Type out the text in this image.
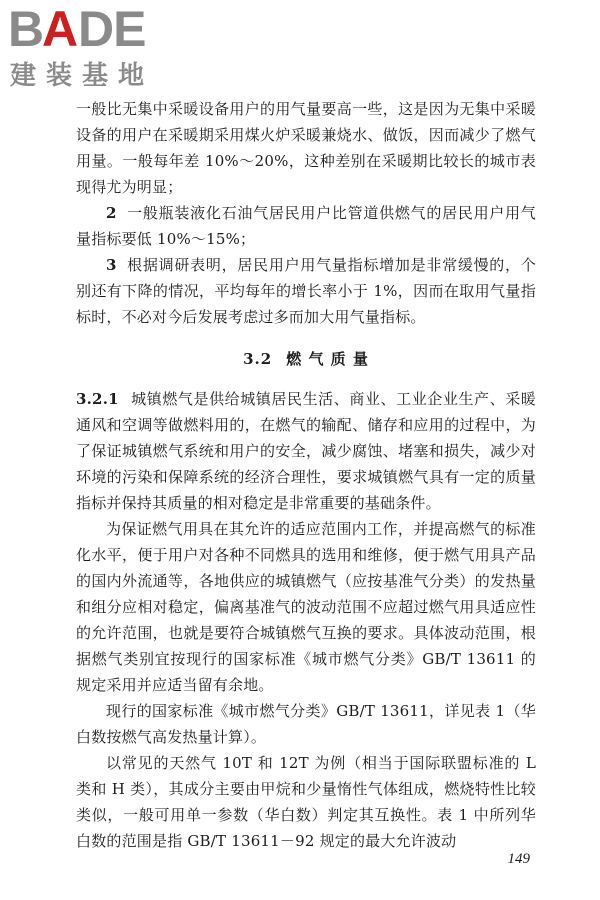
B
A DE
建装基地

一般比无集中采暖设备用户的用气量要高一些，这是因为无集中采暖设备的用户在采暖期采用煤火炉采暖兼烧水、做饭，因而减少了燃气用量。一般每年差 10%～20%，这种差别在采暖期比较长的城市表现得尤为明显；

2 一般瓶装液化石油气居民用户比管道供燃气的居民用户用气量指标要低 10%～15%；

3 根据调研表明，居民用户用气量指标增加是非常缓慢的，个别还有下降的情况，平均每年的增长率小于 1%，因而在取用气量指标时，不必对今后发展考虑过多而加大用气量指标。

3.2 燃 气 质 量

3.2.1 城镇燃气是供给城镇居民生活、商业、工业企业生产、采暖通风和空调等做燃料用的，在燃气的输配、储存和应用的过程中，为了保证城镇燃气系统和用户的安全，减少腐蚀、堵塞和损失，减少对环境的污染和保障系统的经济合理性，要求城镇燃气具有一定的质量指标并保持其质量的相对稳定是非常重要的基础条件。

为保证燃气用具在其允许的适应范围内工作，并提高燃气的标准化水平，便于用户对各种不同燃具的选用和维修，便于燃气用具产品的国内外流通等，各地供应的城镇燃气（应按基准气分类）的发热量和组分应相对稳定，偏离基准气的波动范围不应超过燃气用具适应性的允许范围，也就是要符合城镇燃气互换的要求。具体波动范围，根据燃气类别宜按现行的国家标准《城市燃气分类》GB/T 13611 的规定采用并应适当留有余地。

现行的国家标准《城市燃气分类》GB/T 13611，详见表 1（华白数按燃气高发热量计算）。

以常见的天然气 10T 和 12T 为例（相当于国际联盟标准的 L 类和 H 类），其成分主要由甲烷和少量惰性气体组成，燃烧特性比较类似，一般可用单一参数（华白数）判定其互换性。表 1 中所列华白数的范围是指 GB/T 13611－92 规定的最大允许波动

149
